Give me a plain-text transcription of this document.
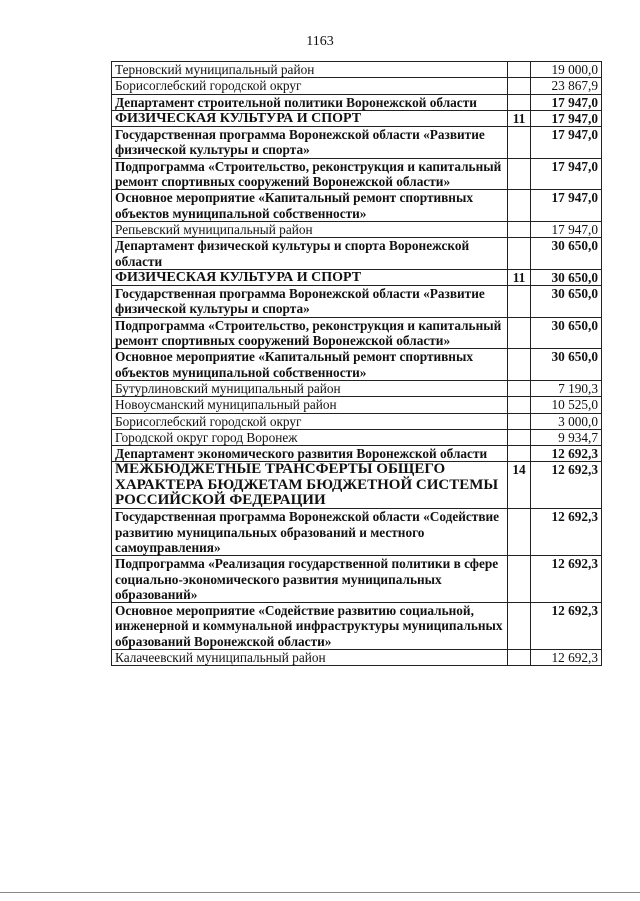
1163
Терновский муниципальный район		19 000,0
Борисоглебский городской округ		23 867,9
Департамент строительной политики Воронежской области		17 947,0
ФИЗИЧЕСКАЯ КУЛЬТУРА И СПОРТ	11	17 947,0
Государственная программа Воронежской области «Развитие физической культуры и спорта»		17 947,0
Подпрограмма «Строительство, реконструкция и капитальный ремонт спортивных сооружений Воронежской области»		17 947,0
Основное мероприятие «Капитальный ремонт спортивных объектов муниципальной собственности»		17 947,0
Репьевский муниципальный район		17 947,0
Департамент физической культуры и спорта Воронежской области		30 650,0
ФИЗИЧЕСКАЯ КУЛЬТУРА И СПОРТ	11	30 650,0
Государственная программа Воронежской области «Развитие физической культуры и спорта»		30 650,0
Подпрограмма «Строительство, реконструкция и капитальный ремонт спортивных сооружений Воронежской области»		30 650,0
Основное мероприятие «Капитальный ремонт спортивных объектов муниципальной собственности»		30 650,0
Бутурлиновский муниципальный район		7 190,3
Новоусманский муниципальный район		10 525,0
Борисоглебский городской округ		3 000,0
Городской округ город Воронеж		9 934,7
Департамент экономического развития Воронежской области		12 692,3
МЕЖБЮДЖЕТНЫЕ ТРАНСФЕРТЫ ОБЩЕГО ХАРАКТЕРА БЮДЖЕТАМ БЮДЖЕТНОЙ СИСТЕМЫ РОССИЙСКОЙ ФЕДЕРАЦИИ	14	12 692,3
Государственная программа Воронежской области «Содействие развитию муниципальных образований и местного самоуправления»		12 692,3
Подпрограмма «Реализация государственной политики в сфере социально-экономического развития муниципальных образований»		12 692,3
Основное мероприятие «Содействие развитию социальной, инженерной и коммунальной инфраструктуры муниципальных образований Воронежской области»		12 692,3
Калачеевский муниципальный район		12 692,3
